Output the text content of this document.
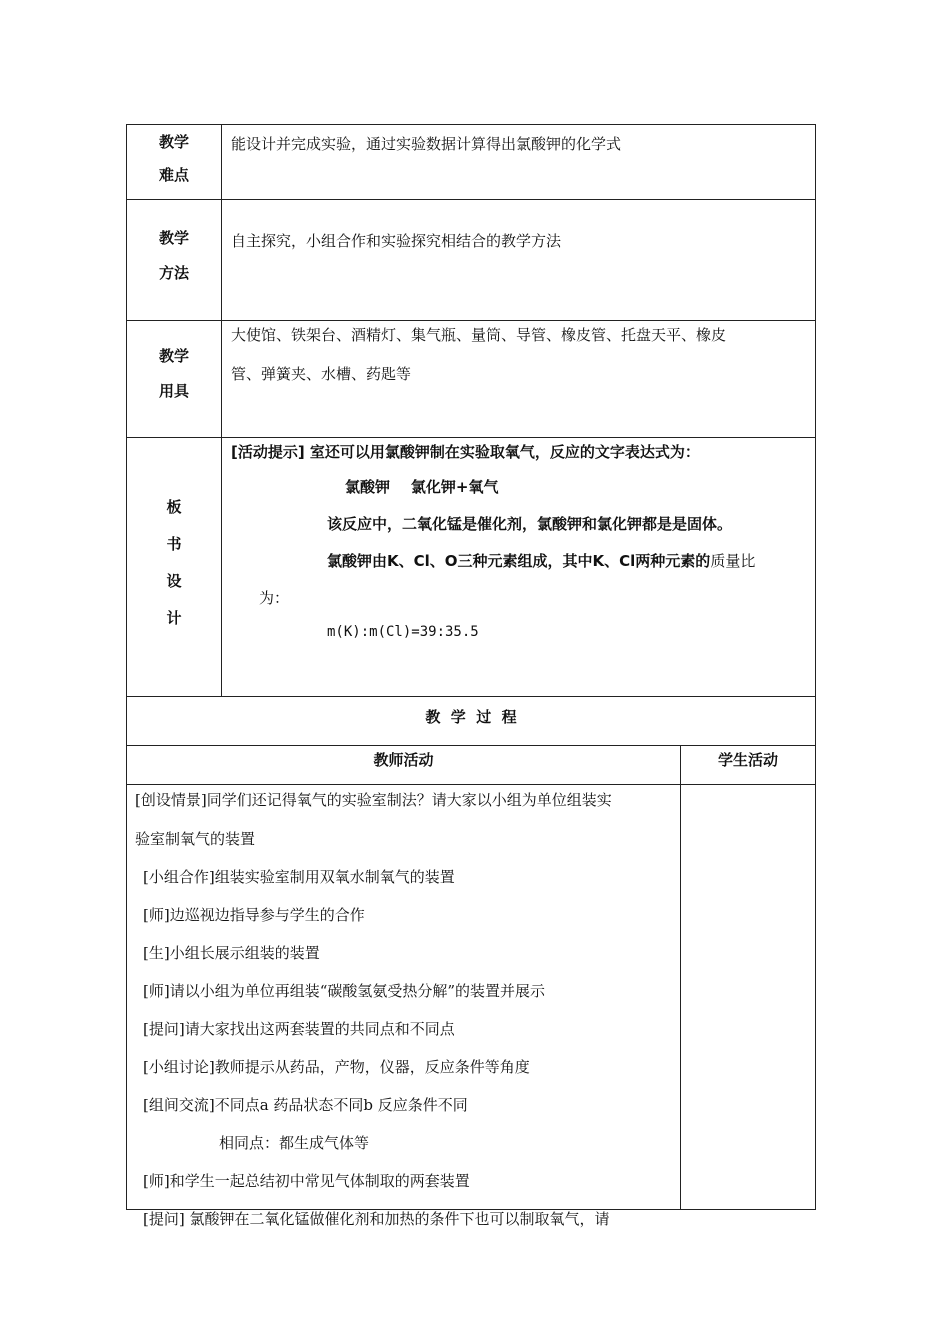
教学
难点

能设计并完成实验，通过实验数据计算得出氯酸钾的化学式

教学
方法

自主探究，小组合作和实验探究相结合的教学方法

教学
用具

大使馆、铁架台、酒精灯、集气瓶、量筒、导管、橡皮管、托盘天平、橡皮

管、弹簧夹、水槽、药匙等

板
书
设
计

[活动提示] 室还可以用氯酸钾制在实验取氧气，反应的文字表达式为：

氯酸钾    氯化钾+氧气

该反应中，二氧化锰是催化剂，氯酸钾和氯化钾都是是固体。

氯酸钾由K、Cl、O三种元素组成，其中K、Cl两种元素的质量比

为：

m(K):m(Cl)=39:35.5

教  学  过  程
教师活动	学生活动

[创设情景]同学们还记得氧气的实验室制法？请大家以小组为单位组装实

验室制氧气的装置

[小组合作]组装实验室制用双氧水制氧气的装置

[师]边巡视边指导参与学生的合作

[生]小组长展示组装的装置

[师]请以小组为单位再组装“碳酸氢氨受热分解”的装置并展示

[提问]请大家找出这两套装置的共同点和不同点

[小组讨论]教师提示从药品，产物，仪器，反应条件等角度

[组间交流]不同点a 药品状态不同b 反应条件不同

相同点：都生成气体等

[师]和学生一起总结初中常见气体制取的两套装置

[提问] 氯酸钾在二氧化锰做催化剂和加热的条件下也可以制取氧气，请
